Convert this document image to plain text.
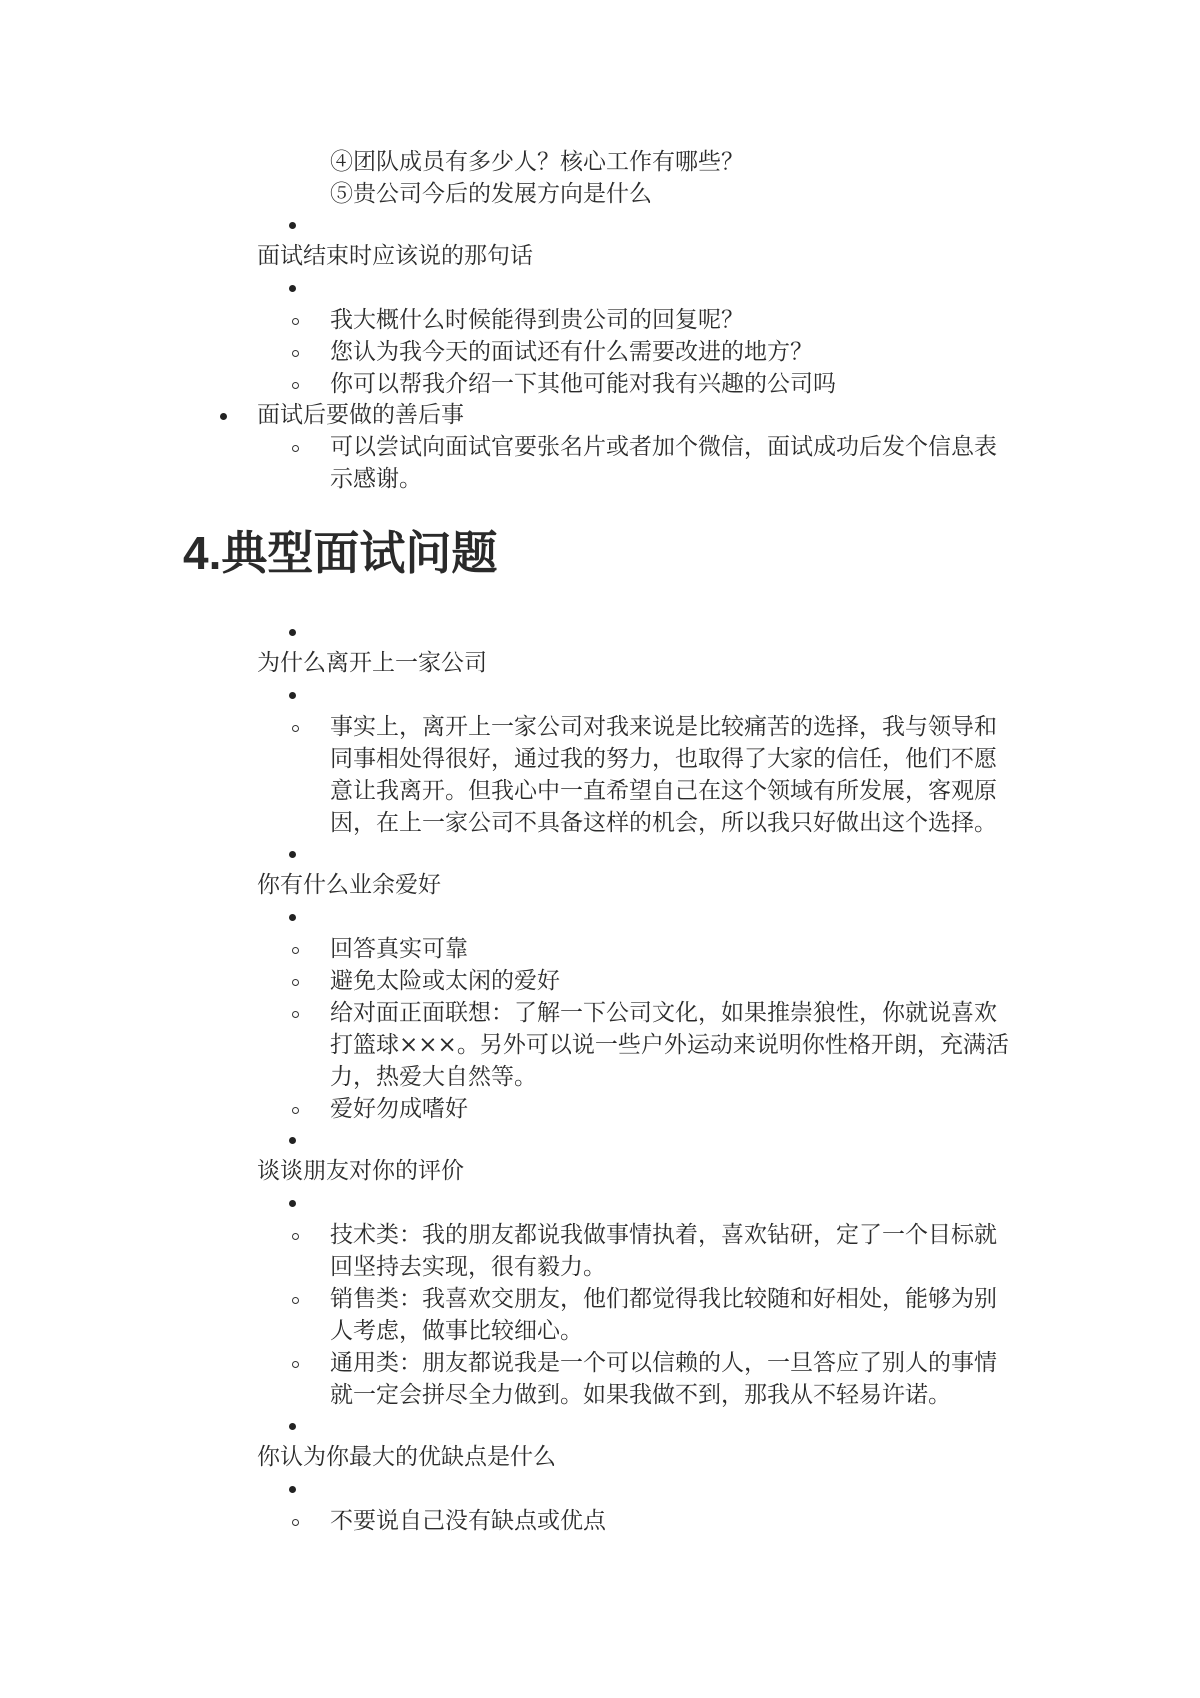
④团队成员有多少人？核心工作有哪些？
⑤贵公司今后的发展方向是什么
面试结束时应该说的那句话
我大概什么时候能得到贵公司的回复呢？
您认为我今天的面试还有什么需要改进的地方？
你可以帮我介绍一下其他可能对我有兴趣的公司吗
面试后要做的善后事
可以尝试向面试官要张名片或者加个微信，面试成功后发个信息表
示感谢。
4.典型面试问题
为什么离开上一家公司
事实上，离开上一家公司对我来说是比较痛苦的选择，我与领导和
同事相处得很好，通过我的努力，也取得了大家的信任，他们不愿
意让我离开。但我心中一直希望自己在这个领域有所发展，客观原
因，在上一家公司不具备这样的机会，所以我只好做出这个选择。
你有什么业余爱好
回答真实可靠
避免太险或太闲的爱好
给对面正面联想：了解一下公司文化，如果推崇狼性，你就说喜欢
打篮球×××。另外可以说一些户外运动来说明你性格开朗，充满活
力，热爱大自然等。
爱好勿成嗜好
谈谈朋友对你的评价
技术类：我的朋友都说我做事情执着，喜欢钻研，定了一个目标就
回坚持去实现，很有毅力。
销售类：我喜欢交朋友，他们都觉得我比较随和好相处，能够为别
人考虑，做事比较细心。
通用类：朋友都说我是一个可以信赖的人，一旦答应了别人的事情
就一定会拼尽全力做到。如果我做不到，那我从不轻易许诺。
你认为你最大的优缺点是什么
不要说自己没有缺点或优点
